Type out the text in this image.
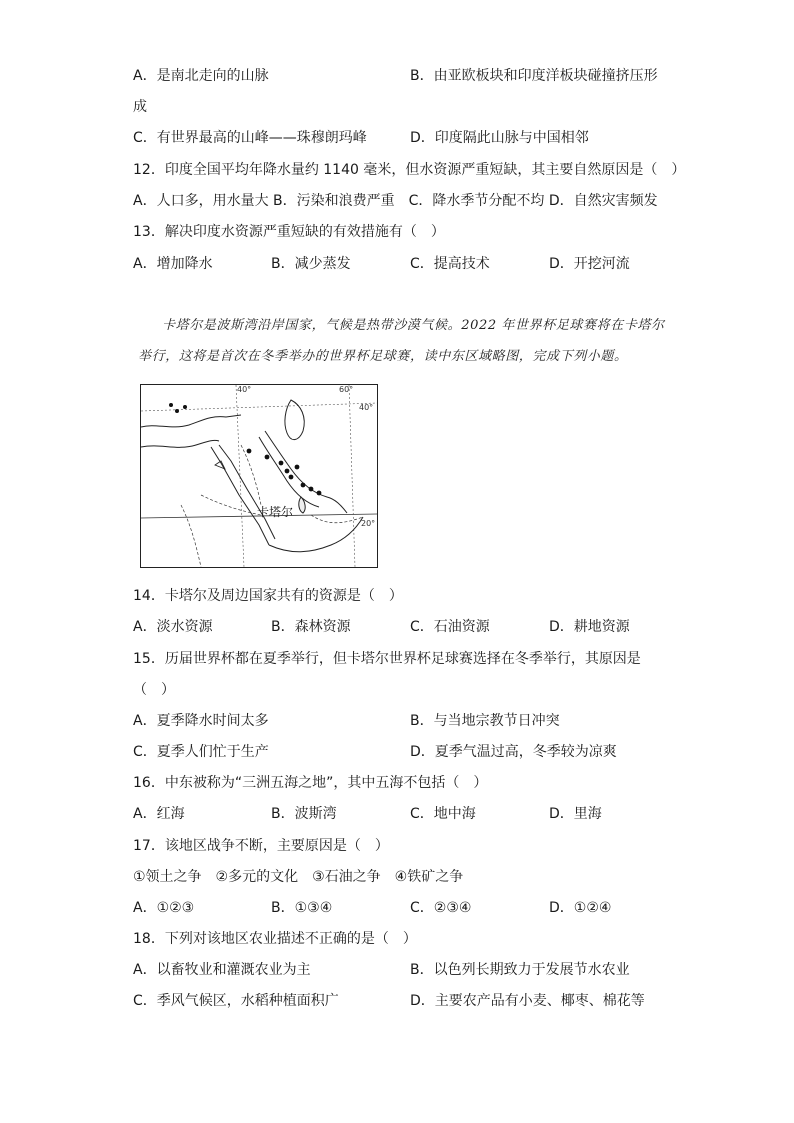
A．是南北走向的山脉	B．由亚欧板块和印度洋板块碰撞挤压形
成
C．有世界最高的山峰——珠穆朗玛峰	D．印度隔此山脉与中国相邻
12．印度全国平均年降水量约 1140 毫米，但水资源严重短缺，其主要自然原因是（　）
A．人口多，用水量大 B．污染和浪费严重　C．降水季节分配不均 D．自然灾害频发
13．解决印度水资源严重短缺的有效措施有（　）
A．增加降水	B．减少蒸发	C．提高技术	D．开挖河流
卡塔尔是波斯湾沿岸国家，气候是热带沙漠气候。2022 年世界杯足球赛将在卡塔尔举行，这将是首次在冬季举办的世界杯足球赛，读中东区域略图，完成下列小题。
40°	60°
40°
20°
卡塔尔
14．卡塔尔及周边国家共有的资源是（　）
A．淡水资源	B．森林资源	C．石油资源	D．耕地资源
15．历届世界杯都在夏季举行，但卡塔尔世界杯足球赛选择在冬季举行，其原因是
（　）
A．夏季降水时间太多	B．与当地宗教节日冲突
C．夏季人们忙于生产	D．夏季气温过高，冬季较为凉爽
16．中东被称为“三洲五海之地”，其中五海不包括（　）
A．红海	B．波斯湾	C．地中海	D．里海
17．该地区战争不断，主要原因是（　）
①领土之争　②多元的文化　③石油之争　④铁矿之争
A．①②③	B．①③④	C．②③④	D．①②④
18．下列对该地区农业描述不正确的是（　）
A．以畜牧业和灌溉农业为主	B．以色列长期致力于发展节水农业
C．季风气候区，水稻种植面积广	D．主要农产品有小麦、椰枣、棉花等
